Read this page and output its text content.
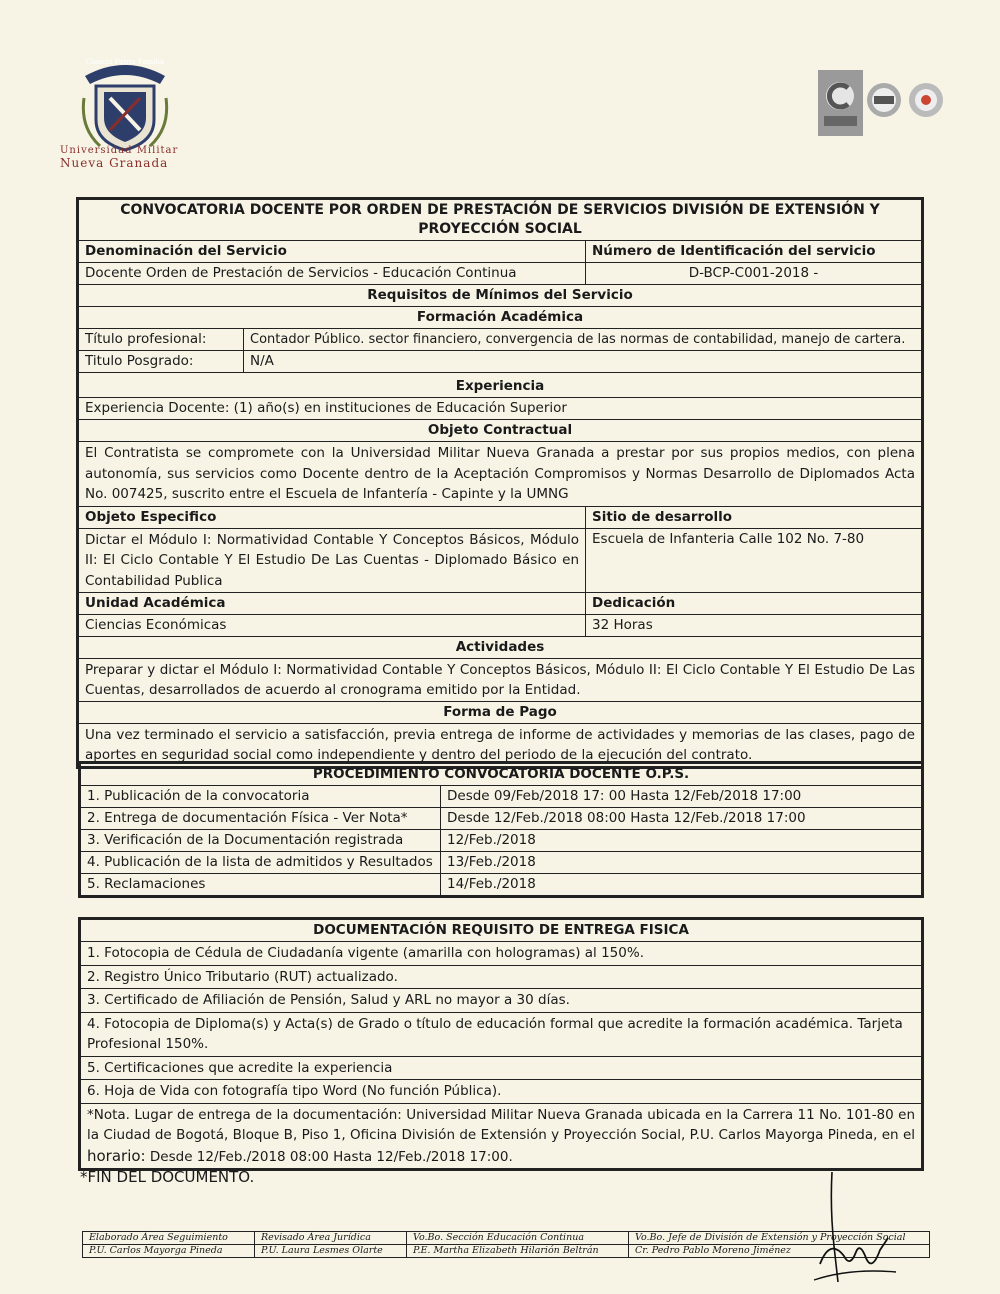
Ciencia Patria Familia
Universidad Militar
Nueva Granada
CONVOCATORIA DOCENTE POR ORDEN DE PRESTACIÓN DE SERVICIOS DIVISIÓN DE EXTENSIÓN Y PROYECCIÓN SOCIAL		
Denominación del Servicio		Número de Identificación del servicio
Docente Orden de Prestación de Servicios - Educación Continua		D-BCP-C001-2018 -
Requisitos de Mínimos del Servicio		
Formación Académica		
Título profesional:	Contador Público. sector financiero, convergencia de las normas de contabilidad, manejo de cartera.	
Titulo Posgrado:	N/A	
Experiencia		
Experiencia Docente: (1) año(s) en instituciones de Educación Superior		
Objeto Contractual		
El Contratista se compromete con la Universidad Militar Nueva Granada a prestar por sus propios medios, con plena autonomía, sus servicios como Docente dentro de la Aceptación Compromisos y Normas Desarrollo de Diplomados Acta No. 007425, suscrito entre el Escuela de Infantería - Capinte y la UMNG		
Objeto Especifico		Sitio de desarrollo
Dictar el Módulo I: Normatividad Contable Y Conceptos Básicos, Módulo II: El Ciclo Contable Y El Estudio De Las Cuentas - Diplomado Básico en Contabilidad Publica		Escuela de Infanteria Calle 102 No. 7-80
Unidad Académica		Dedicación
Ciencias Económicas		32 Horas
Actividades		
Preparar y dictar el Módulo I: Normatividad Contable Y Conceptos Básicos, Módulo II: El Ciclo Contable Y El Estudio De Las Cuentas, desarrollados de acuerdo al cronograma emitido por la Entidad.		
Forma de Pago		
Una vez terminado el servicio a satisfacción, previa entrega de informe de actividades y memorias de las clases, pago de aportes en seguridad social como independiente y dentro del periodo de la ejecución del contrato.		
PROCEDIMIENTO CONVOCATORIA DOCENTE O.P.S.	
1. Publicación de la convocatoria	Desde 09/Feb/2018 17: 00 Hasta 12/Feb/2018 17:00
2. Entrega de documentación Física - Ver Nota*	Desde 12/Feb./2018 08:00 Hasta 12/Feb./2018 17:00
3. Verificación de la Documentación registrada	12/Feb./2018
4. Publicación de la lista de admitidos y Resultados	13/Feb./2018
5. Reclamaciones	14/Feb./2018
DOCUMENTACIÓN REQUISITO DE ENTREGA FISICA
1. Fotocopia de Cédula de Ciudadanía vigente (amarilla con hologramas) al 150%.
2. Registro Único Tributario (RUT) actualizado.
3. Certificado de Afiliación de Pensión, Salud y ARL no mayor a 30 días.
4. Fotocopia de Diploma(s) y Acta(s) de Grado o título de educación formal que acredite la formación académica. Tarjeta Profesional 150%.
5. Certificaciones que acredite la experiencia
6. Hoja de Vida con fotografía tipo Word (No función Pública).
*Nota. Lugar de entrega de la documentación: Universidad Militar Nueva Granada ubicada en la Carrera 11 No. 101-80 en la Ciudad de Bogotá, Bloque B, Piso 1, Oficina División de Extensión y Proyección Social, P.U. Carlos Mayorga Pineda, en el horario: Desde 12/Feb./2018 08:00 Hasta 12/Feb./2018 17:00.
*FIN DEL DOCUMENTO.
Elaborado Área Seguimiento	Revisado Área Jurídica	Vo.Bo. Sección Educación Continua	Vo.Bo. Jefe de División de Extensión y Proyección Social
P.U. Carlos Mayorga Pineda	P.U. Laura Lesmes Olarte	P.E. Martha Elizabeth Hilarión Beltrán	Cr. Pedro Pablo Moreno Jiménez
